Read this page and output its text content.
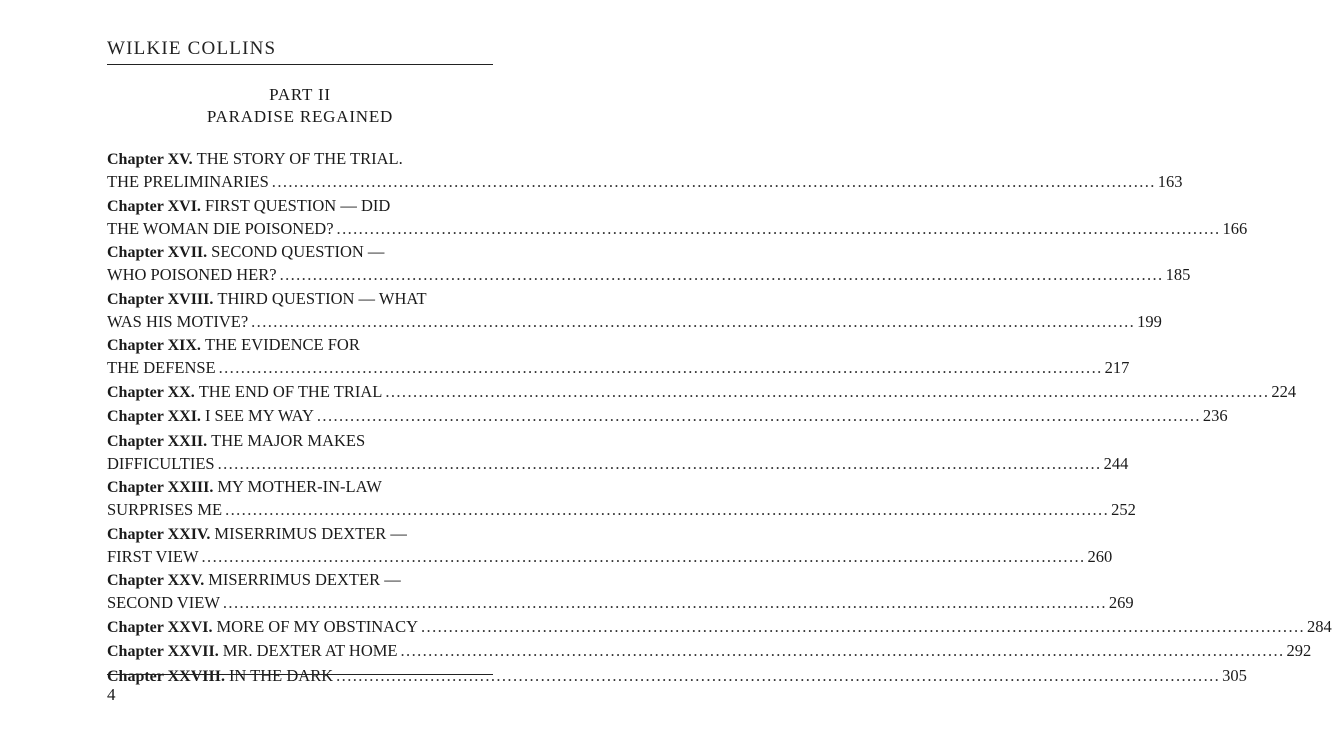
WILKIE COLLINS
PART II
PARADISE REGAINED
Chapter XV. THE STORY OF THE TRIAL.
THE PRELIMINARIES .....	163
Chapter XVI. FIRST QUESTION — DID
THE WOMAN DIE POISONED? .....	166
Chapter XVII. SECOND QUESTION —
WHO POISONED HER? .....	185
Chapter XVIII. THIRD QUESTION — WHAT
WAS HIS MOTIVE? .....	199
Chapter XIX. THE EVIDENCE FOR
THE DEFENSE .....	217
Chapter XX. THE END OF THE TRIAL .....	224
Chapter XXI. I SEE MY WAY .....	236
Chapter XXII. THE MAJOR MAKES
DIFFICULTIES .....	244
Chapter XXIII. MY MOTHER-IN-LAW
SURPRISES ME .....	252
Chapter XXIV. MISERRIMUS DEXTER —
FIRST VIEW .....	260
Chapter XXV. MISERRIMUS DEXTER —
SECOND VIEW .....	269
Chapter XXVI. MORE OF MY OBSTINACY .....	284
Chapter XXVII. MR. DEXTER AT HOME .....	292
Chapter XXVIII. IN THE DARK .....	305
4
